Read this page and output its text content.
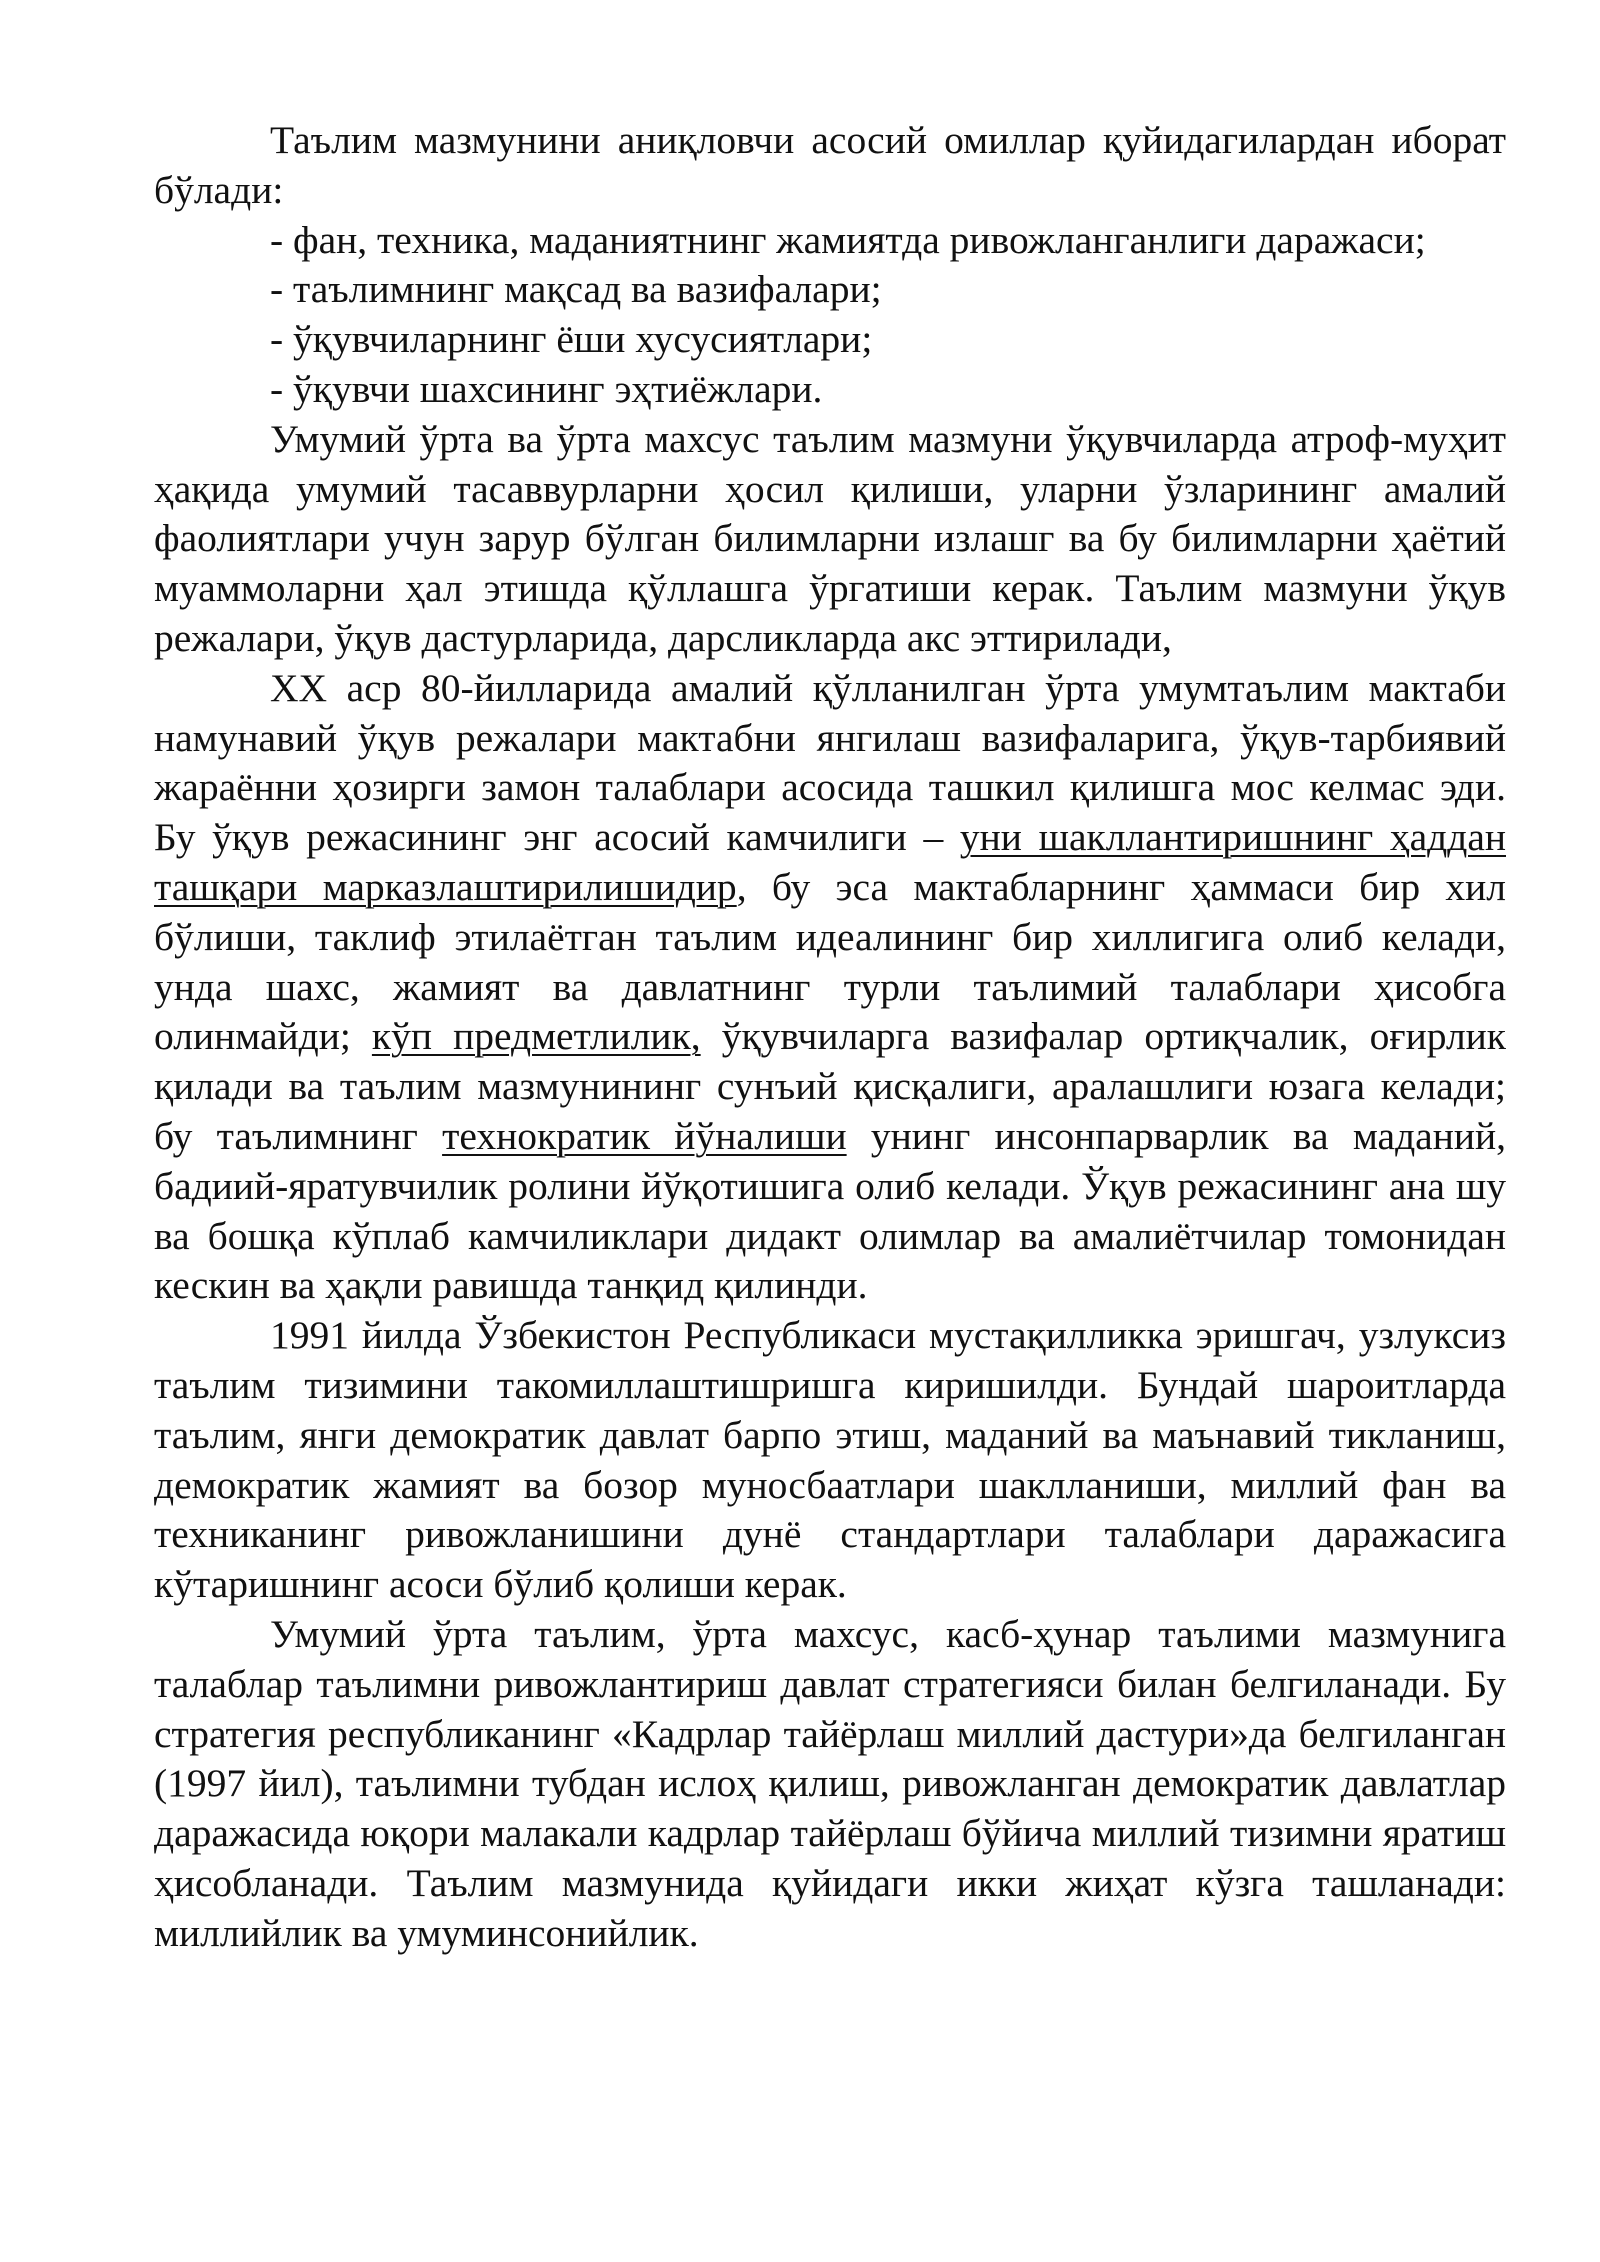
Таълим мазмунини аниқловчи асосий омиллар қуйидагилардан иборат бўлади:

- фан, техника, маданиятнинг жамиятда ривожланганлиги даражаси;

- таълимнинг мақсад ва вазифалари;

- ўқувчиларнинг ёши хусусиятлари;

- ўқувчи шахсининг эҳтиёжлари.

Умумий ўрта ва ўрта махсус таълим мазмуни ўқувчиларда атроф-муҳит ҳақида умумий тасаввурларни ҳосил қилиши, уларни ўзларининг амалий фаолиятлари учун зарур бўлган билимларни излашг ва бу билимларни ҳаётий муаммоларни ҳал этишда қўллашга ўргатиши керак. Таълим мазмуни ўқув режалари, ўқув дастурларида, дарсликларда акс эттирилади,

XX аср 80-йилларида амалий қўлланилган ўрта умумтаълим мактаби намунавий ўқув режалари мактабни янгилаш вазифаларига, ўқув-тарбиявий жараённи ҳозирги замон талаблари асосида ташкил қилишга мос келмас эди. Бу ўқув режасининг энг асосий камчилиги – уни шакллантиришнинг ҳаддан ташқари марказлаштирилишидир, бу эса мактабларнинг ҳаммаси бир хил бўлиши, таклиф этилаётган таълим идеалининг бир хиллигига олиб келади, унда шахс, жамият ва давлатнинг турли таълимий талаблари ҳисобга олинмайди; кўп предметлилик, ўқувчиларга вазифалар ортиқчалик, оғирлик қилади ва таълим мазмунининг сунъий қисқалиги, аралашлиги юзага келади; бу таълимнинг технократик йўналиши унинг инсонпарварлик ва маданий, бадиий-яратувчилик ролини йўқотишига олиб келади. Ўқув режасининг ана шу ва бошқа кўплаб камчиликлари дидакт олимлар ва амалиётчилар томонидан кескин ва ҳақли равишда танқид қилинди.

1991 йилда Ўзбекистон Республикаси мустақилликка эришгач, узлуксиз таълим тизимини такомиллаштишришга киришилди. Бундай шароитларда таълим, янги демократик давлат барпо этиш, маданий ва маънавий тикланиш, демократик жамият ва бозор муносбаатлари шаклланиши, миллий фан ва техниканинг ривожланишини дунё стандартлари талаблари даражасига кўтаришнинг асоси бўлиб қолиши керак.

Умумий ўрта таълим, ўрта махсус, касб-ҳунар таълими мазмунига талаблар таълимни ривожлантириш давлат стратегияси билан белгиланади. Бу стратегия республиканинг «Кадрлар тайёрлаш миллий дастури»да белгиланган (1997 йил), таълимни тубдан ислоҳ қилиш, ривожланган демократик давлатлар даражасида юқори малакали кадрлар тайёрлаш бўйича миллий тизимни яратиш ҳисобланади. Таълим мазмунида қуйидаги икки жиҳат кўзга ташланади: миллийлик ва умуминсонийлик.
